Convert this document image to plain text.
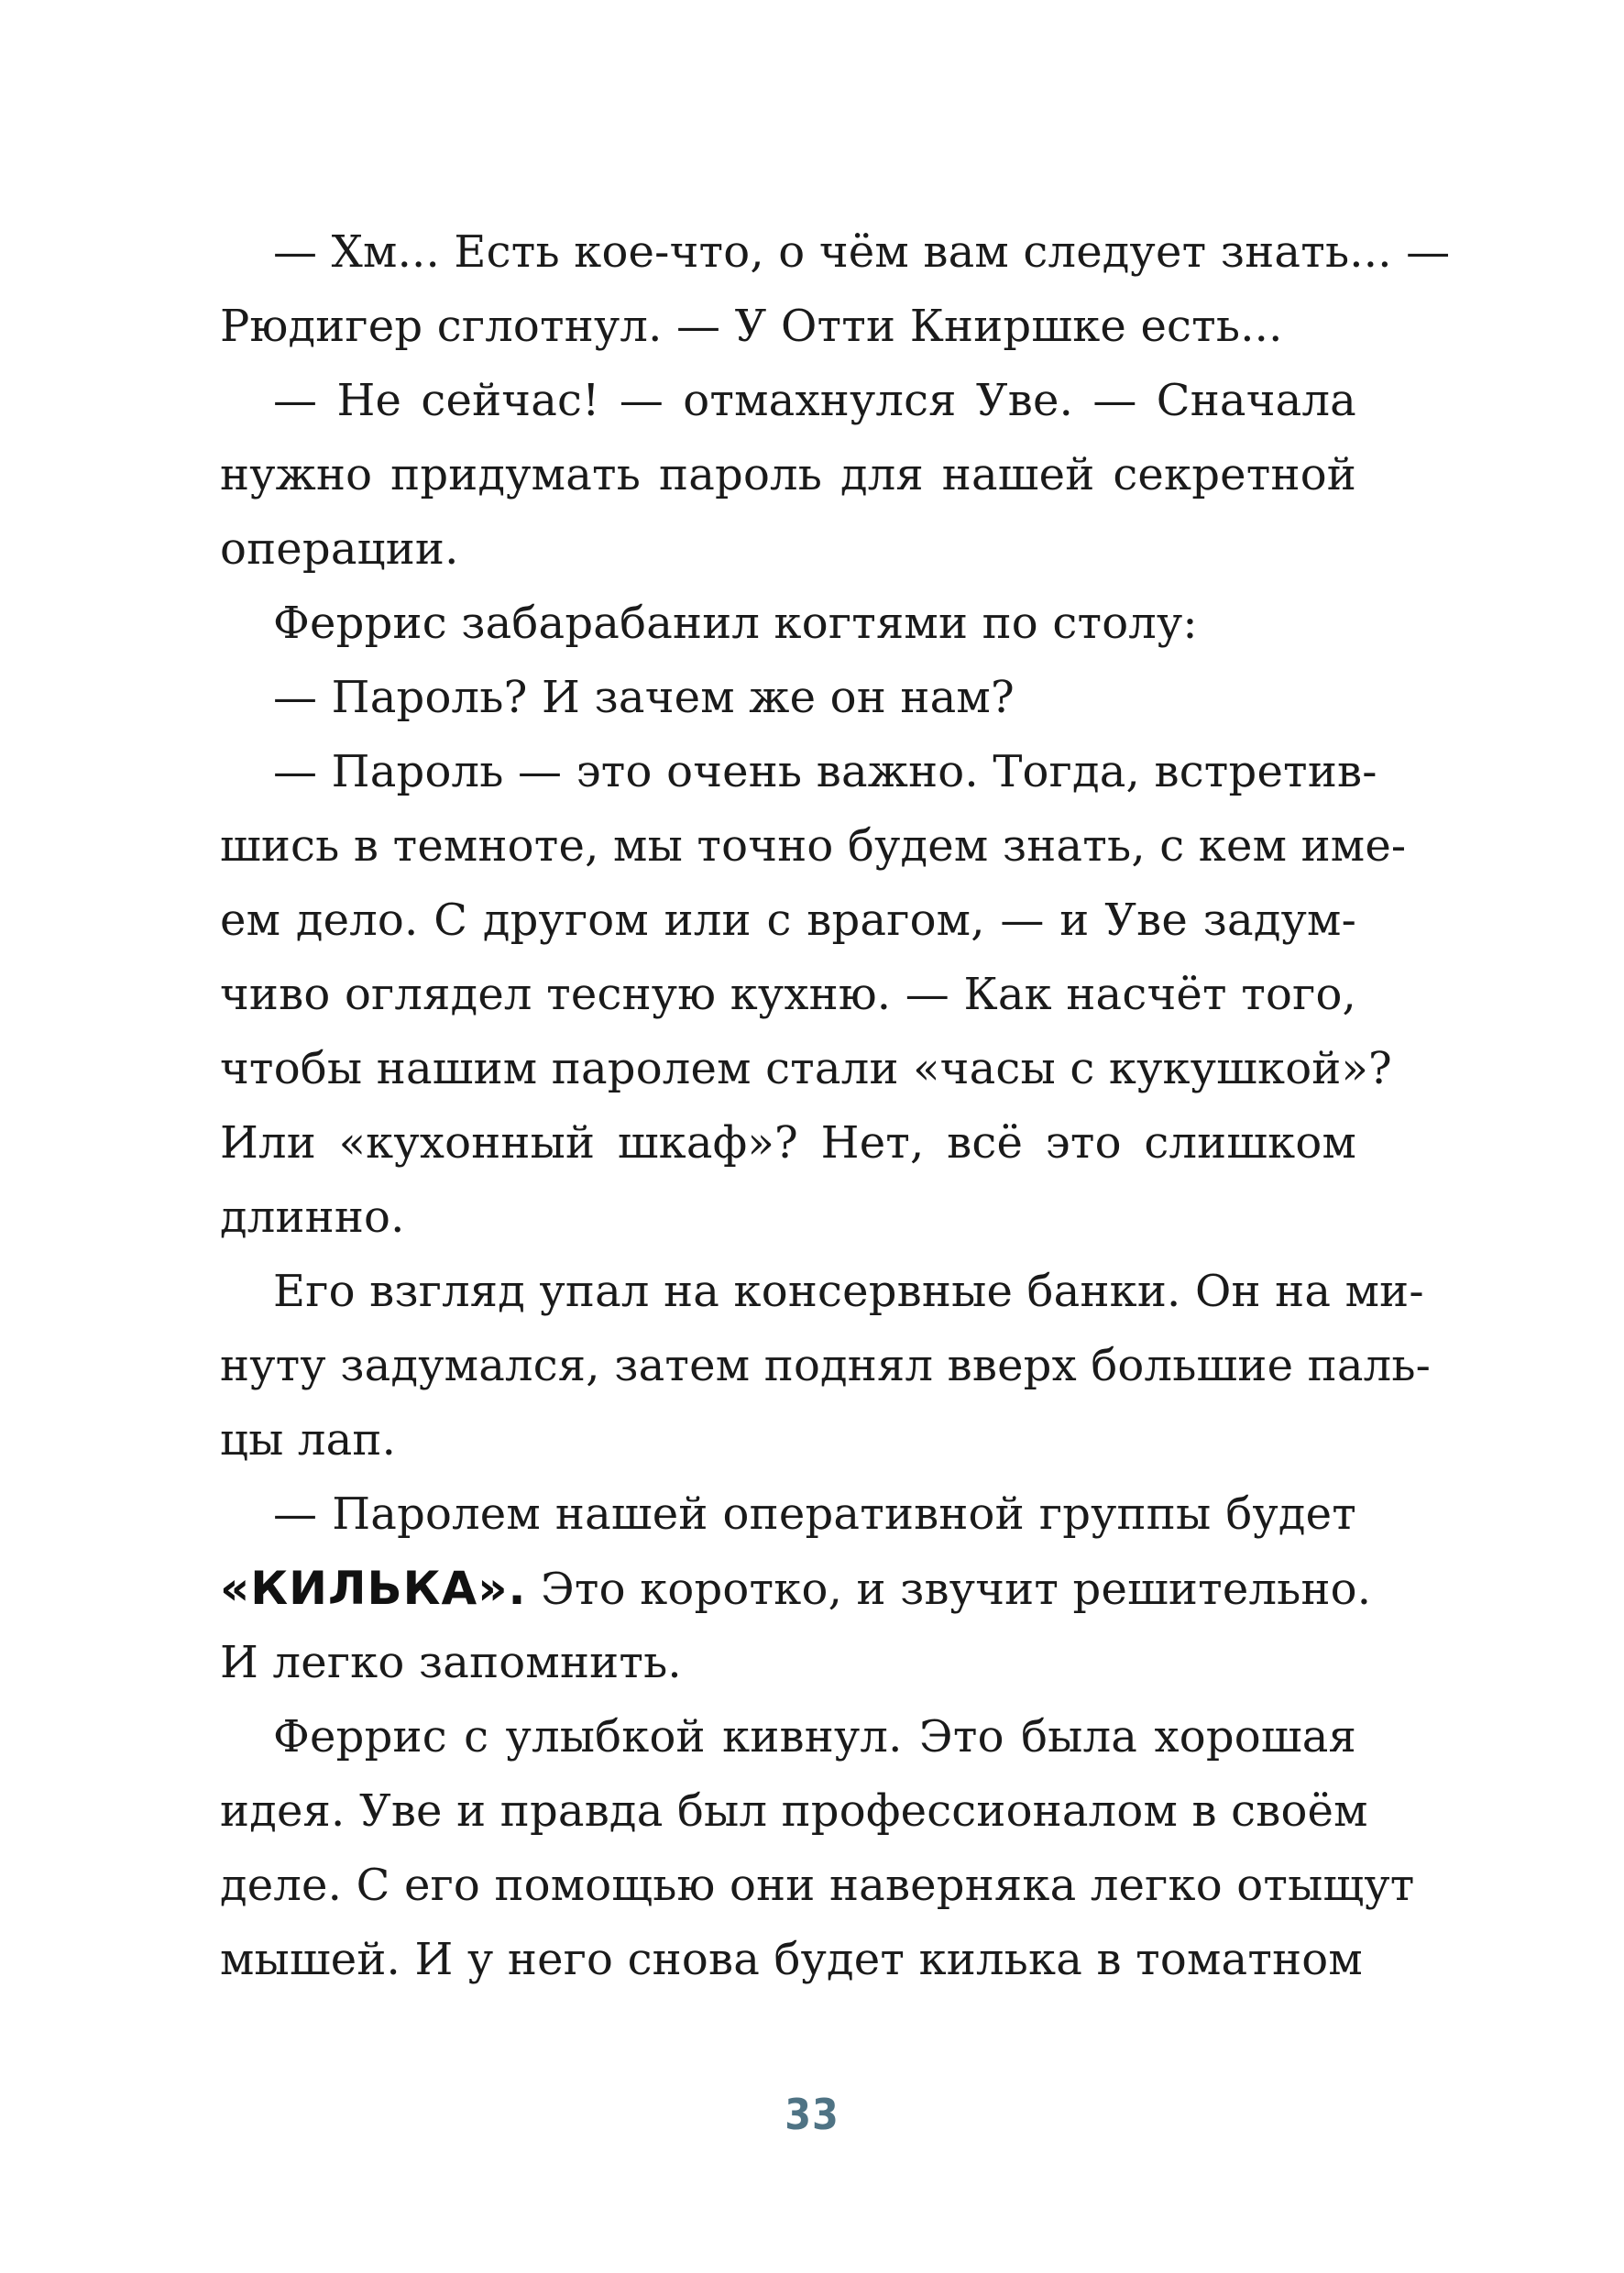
— Хм... Есть кое-что, о чём вам следует знать... —
Рюдигер сглотнул. — У Отти Книршке есть...
— Не сейчас! — отмахнулся Уве. — Сначала
нужно придумать пароль для нашей секретной
операции.
Феррис забарабанил когтями по столу:
— Пароль? И зачем же он нам?
— Пароль — это очень важно. Тогда, встретив-
шись в темноте, мы точно будем знать, с кем име-
ем дело. С другом или с врагом, — и Уве задум-
чиво оглядел тесную кухню. — Как насчёт того,
чтобы нашим паролем стали «часы с кукушкой»?
Или «кухонный шкаф»? Нет, всё это слишком
длинно.
Его взгляд упал на консервные банки. Он на ми-
нуту задумался, затем поднял вверх большие паль-
цы лап.
— Паролем нашей оперативной группы будет
«КИЛЬКА». Это коротко, и звучит решительно.
И легко запомнить.
Феррис с улыбкой кивнул. Это была хорошая
идея. Уве и правда был профессионалом в своём
деле. С его помощью они наверняка легко отыщут
мышей. И у него снова будет килька в томатном
33
